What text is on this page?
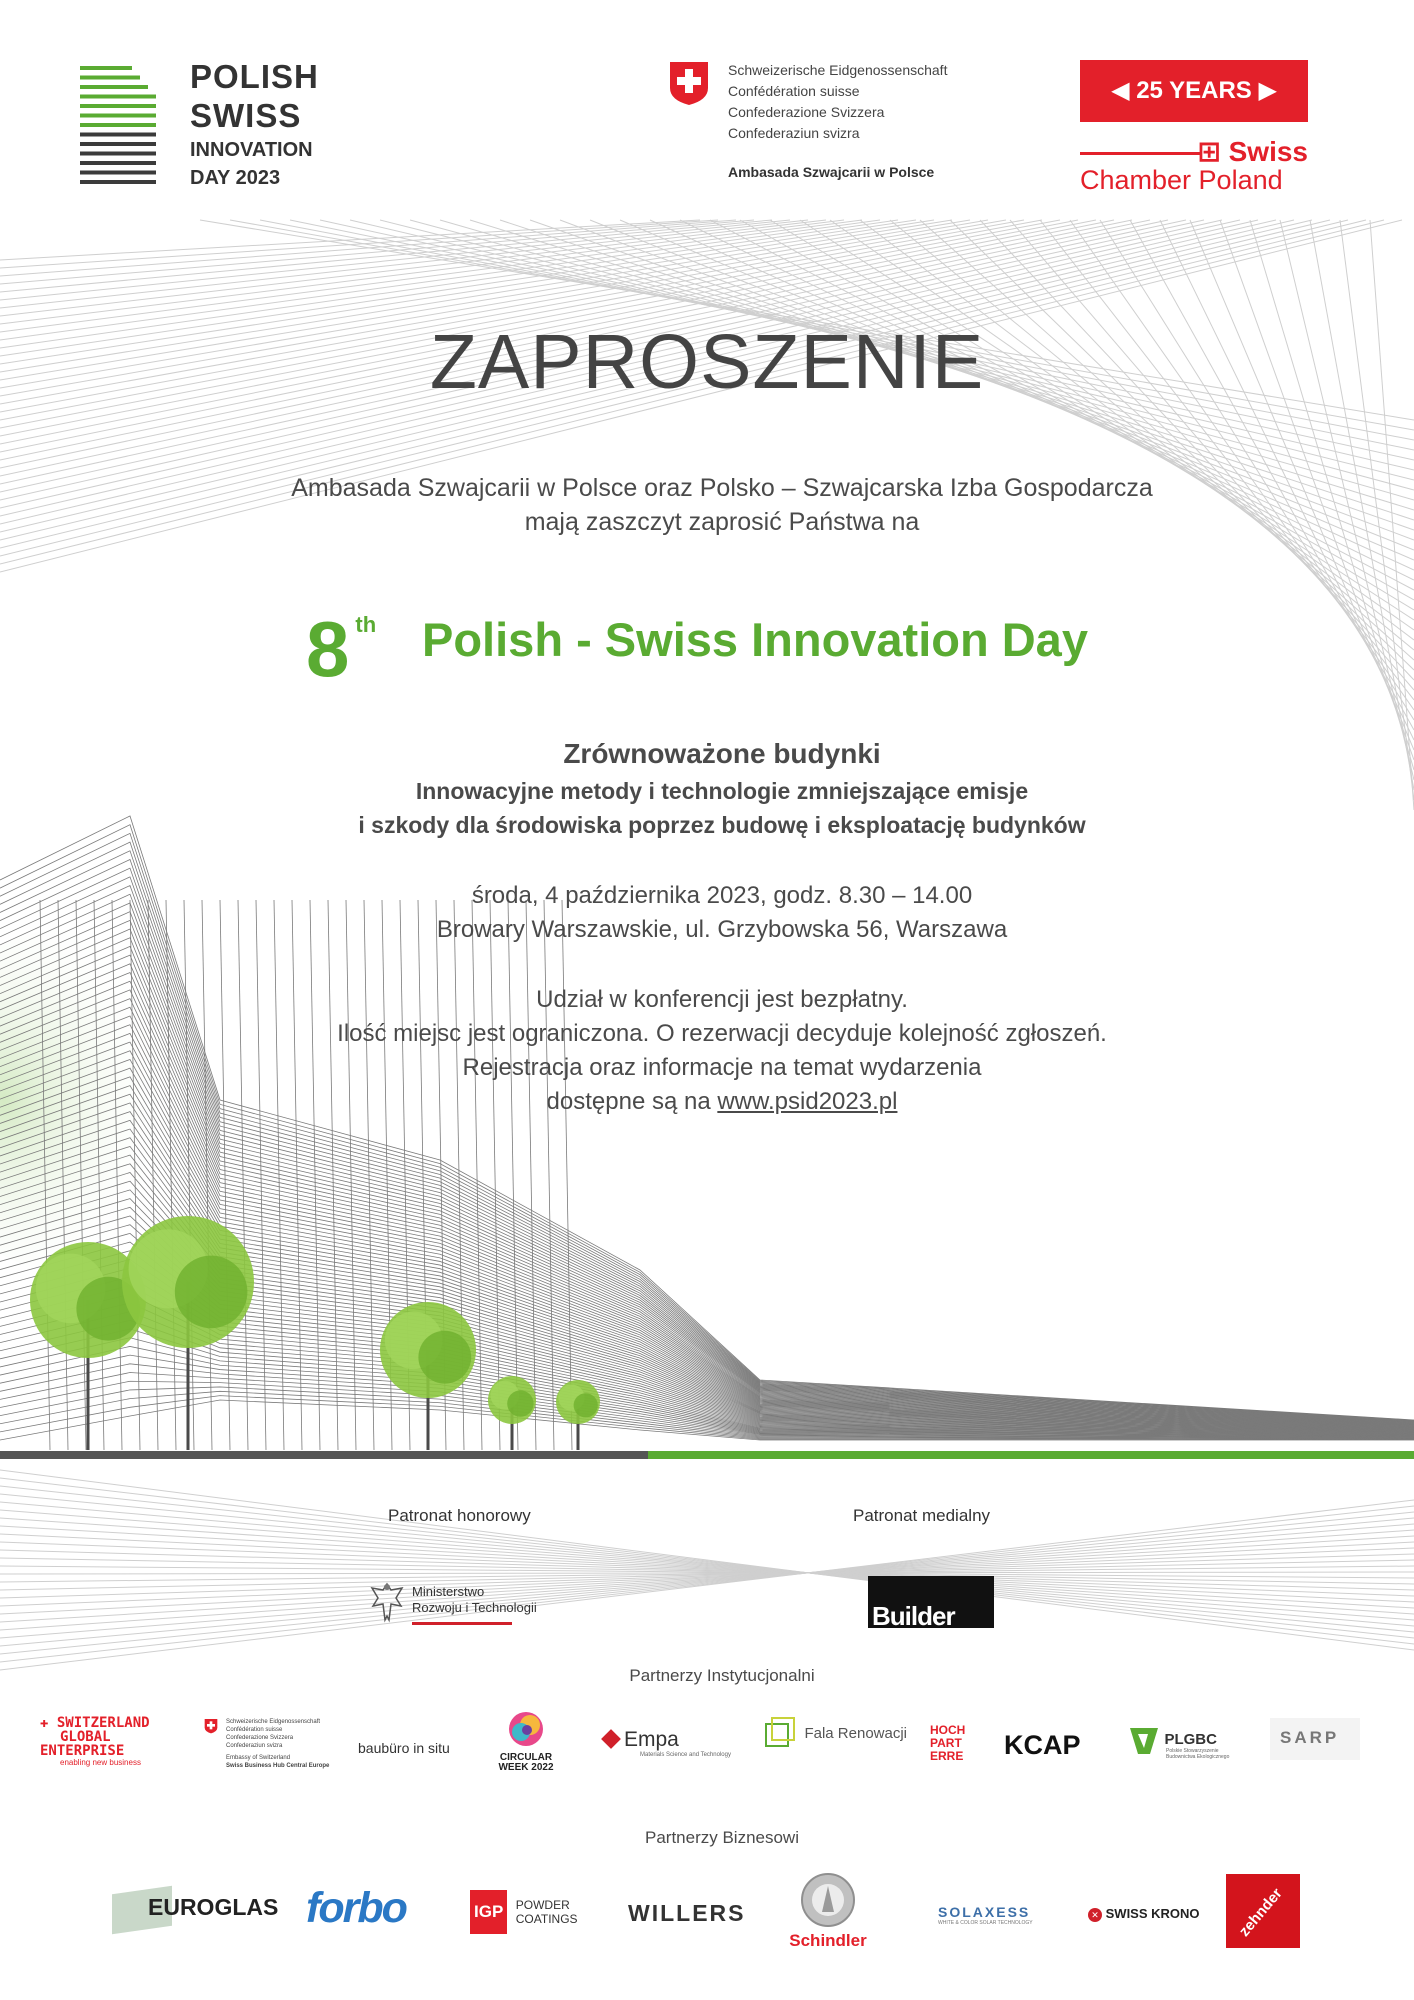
POLISH
SWISS
INNOVATION
DAY 2023
Schweizerische Eidgenossenschaft
Confédération suisse
Confederazione Svizzera
Confederaziun svizra
Ambasada Szwajcarii w Polsce
◀ 25 YEARS ▶
⊞ Swiss
Chamber Poland
ZAPROSZENIE
Ambasada Szwajcarii w Polsce oraz Polsko – Szwajcarska Izba Gospodarcza
mają zaszczyt zaprosić Państwa na
8 th Polish - Swiss Innovation Day
Zrównoważone budynki
Innowacyjne metody i technologie zmniejszające emisje
i szkody dla środowiska poprzez budowę i eksploatację budynków
środa, 4 października 2023, godz. 8.30 – 14.00
Browary Warszawskie, ul. Grzybowska 56, Warszawa
Udział w konferencji jest bezpłatny.
Ilość miejsc jest ograniczona. O rezerwacji decyduje kolejność zgłoszeń.
Rejestracja oraz informacje na temat wydarzenia
dostępne są na www.psid2023.pl
Patronat honorowy	Patronat medialny
Ministerstwo
Rozwoju i Technologii	Builder
Partnerzy Instytucjonalni
✚ SWITZERLAND
GLOBAL
ENTERPRISE
enabling new business
Schweizerische Eidgenossenschaft
Confédération suisse
Confederazione Svizzera
Confederaziun svizra
Embassy of Switzerland
Swiss Business Hub Central Europe
baubüro in situ
CIRCULAR
WEEK 2022
Empa
Materials Science and Technology
Fala Renowacji HOCH
PART
ERRE KCAP	PLGBC
Polskie Stowarzyszenie Budownictwa Ekologicznego
SARP
Partnerzy Biznesowi
EUROGLAS forbo	IGP POWDER
COATINGS WILLERS
Schindler
SOLAXESS
WHITE & COLOR SOLAR TECHNOLOGY
✕ SWISS KRONO zehnder
